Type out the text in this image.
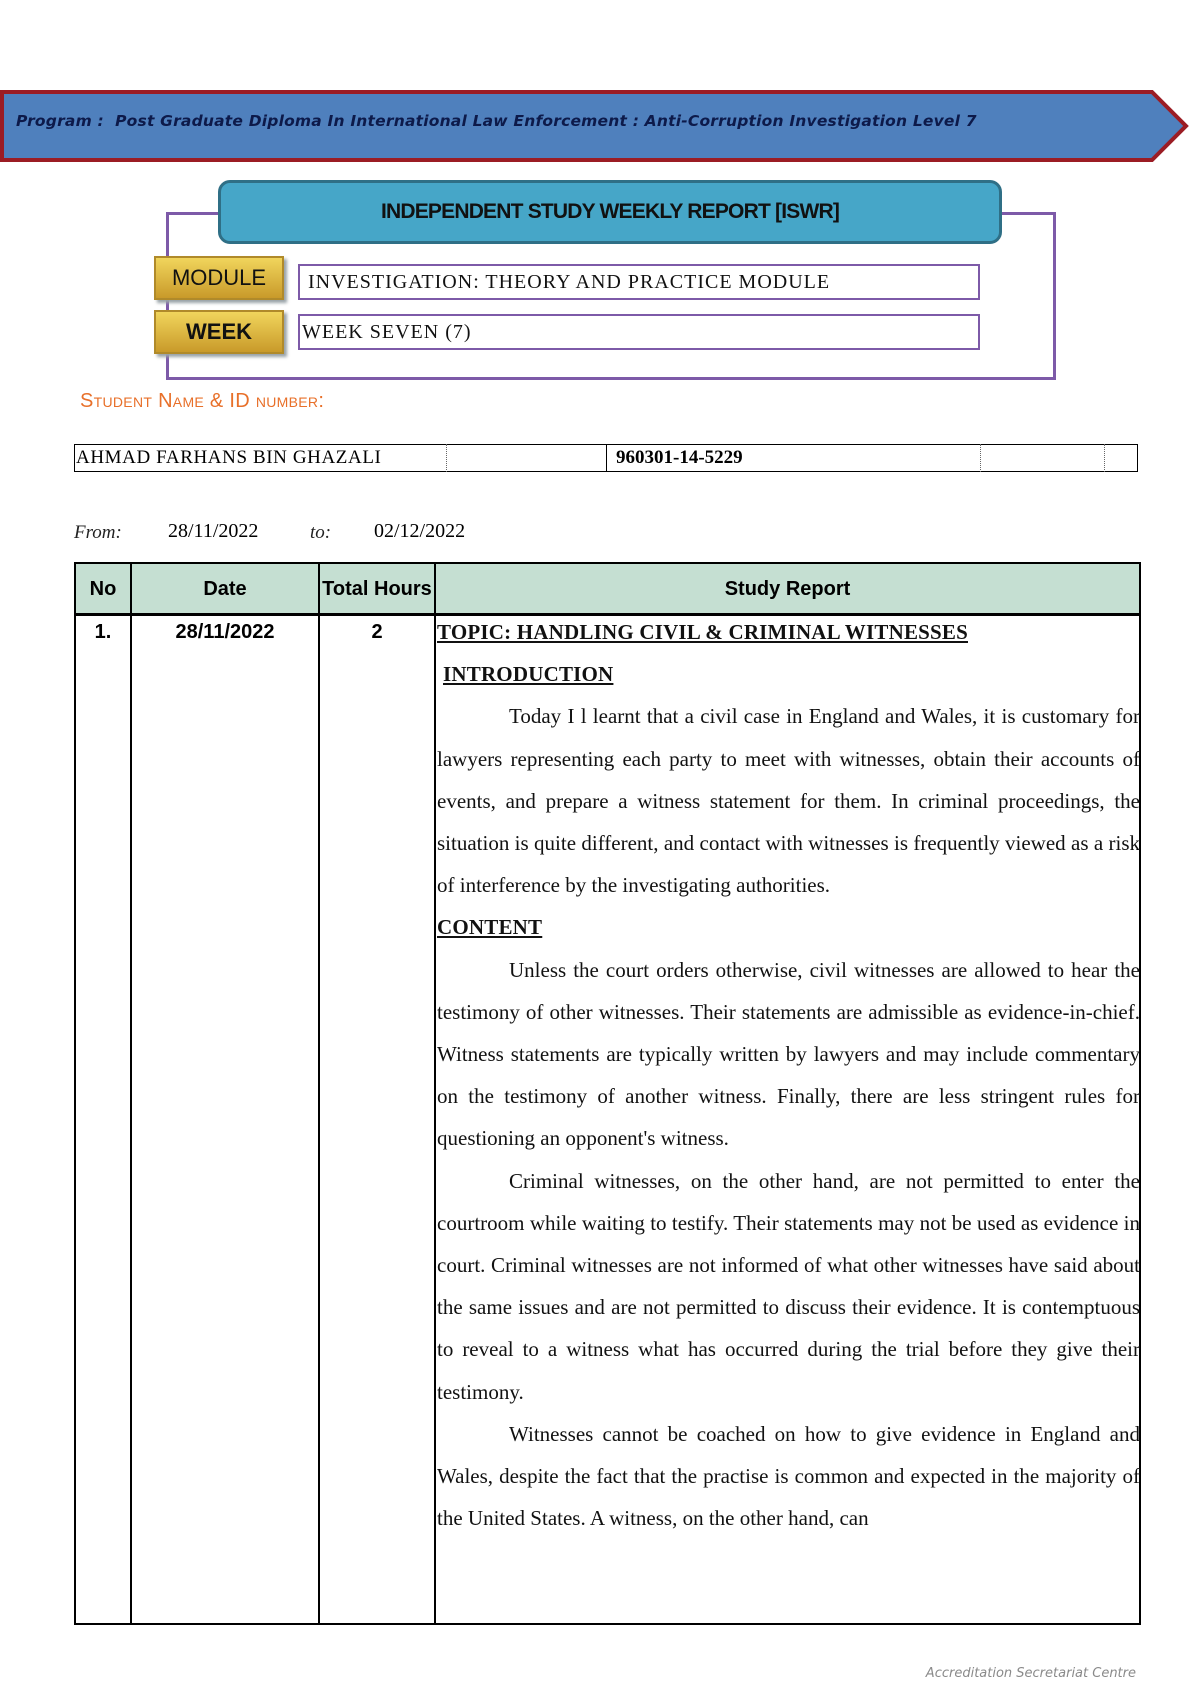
Program : Post Graduate Diploma In International Law Enforcement : Anti-Corruption Investigation Level 7
INDEPENDENT STUDY WEEKLY REPORT [ISWR]
MODULE	INVESTIGATION: THEORY AND PRACTICE MODULE
WEEK	WEEK SEVEN (7)
Student Name & ID number:
AHMAD FARHANS BIN GHAZALI	960301-14-5229
From: 28/11/2022	to: 02/12/2022
No	Date	Total Hours	Study Report
1.	28/11/2022	2	TOPIC: HANDLING CIVIL & CRIMINAL WITNESSES

INTRODUCTION

Today I l learnt that a civil case in England and Wales, it is customary for lawyers representing each party to meet with witnesses, obtain their accounts of events, and prepare a witness statement for them. In criminal proceedings, the situation is quite different, and contact with witnesses is frequently viewed as a risk of interference by the investigating authorities.

CONTENT

Unless the court orders otherwise, civil witnesses are allowed to hear the testimony of other witnesses. Their statements are admissible as evidence-in-chief. Witness statements are typically written by lawyers and may include commentary on the testimony of another witness. Finally, there are less stringent rules for questioning an opponent's witness.

Criminal witnesses, on the other hand, are not permitted to enter the courtroom while waiting to testify. Their statements may not be used as evidence in court. Criminal witnesses are not informed of what other witnesses have said about the same issues and are not permitted to discuss their evidence. It is contemptuous to reveal to a witness what has occurred during the trial before they give their testimony.

Witnesses cannot be coached on how to give evidence in England and Wales, despite the fact that the practise is common and expected in the majority of the United States. A witness, on the other hand, can

Accreditation Secretariat Centre
